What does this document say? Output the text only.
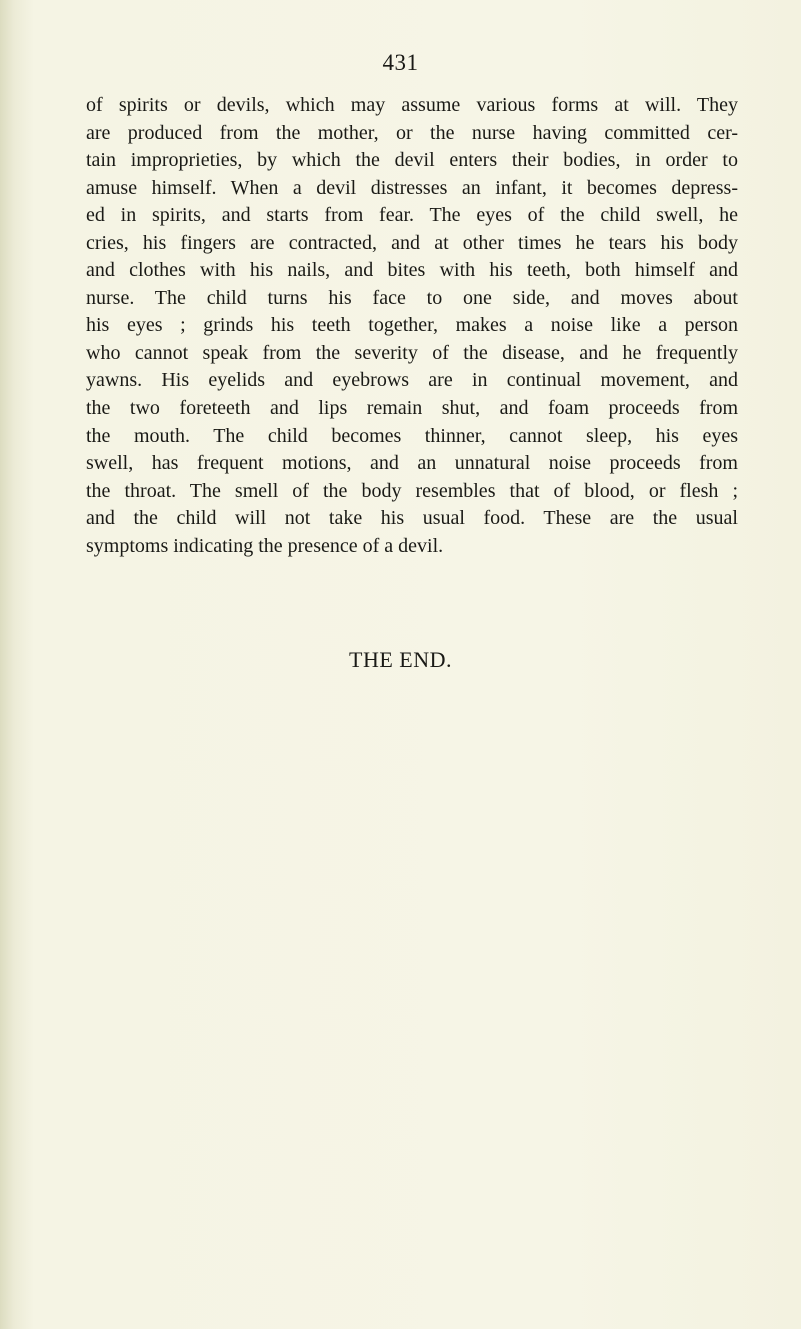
431
of spirits or devils, which may assume various forms at will. They
are produced from the mother, or the nurse having committed cer-
tain improprieties, by which the devil enters their bodies, in order to
amuse himself. When a devil distresses an infant, it becomes depress-
ed in spirits, and starts from fear. The eyes of the child swell, he
cries, his fingers are contracted, and at other times he tears his body
and clothes with his nails, and bites with his teeth, both himself and
nurse. The child turns his face to one side, and moves about
his eyes ; grinds his teeth together, makes a noise like a person
who cannot speak from the severity of the disease, and he frequently
yawns. His eyelids and eyebrows are in continual movement, and
the two foreteeth and lips remain shut, and foam proceeds from
the mouth. The child becomes thinner, cannot sleep, his eyes
swell, has frequent motions, and an unnatural noise proceeds from
the throat. The smell of the body resembles that of blood, or flesh ;
and the child will not take his usual food. These are the usual
symptoms indicating the presence of a devil.
THE END.
